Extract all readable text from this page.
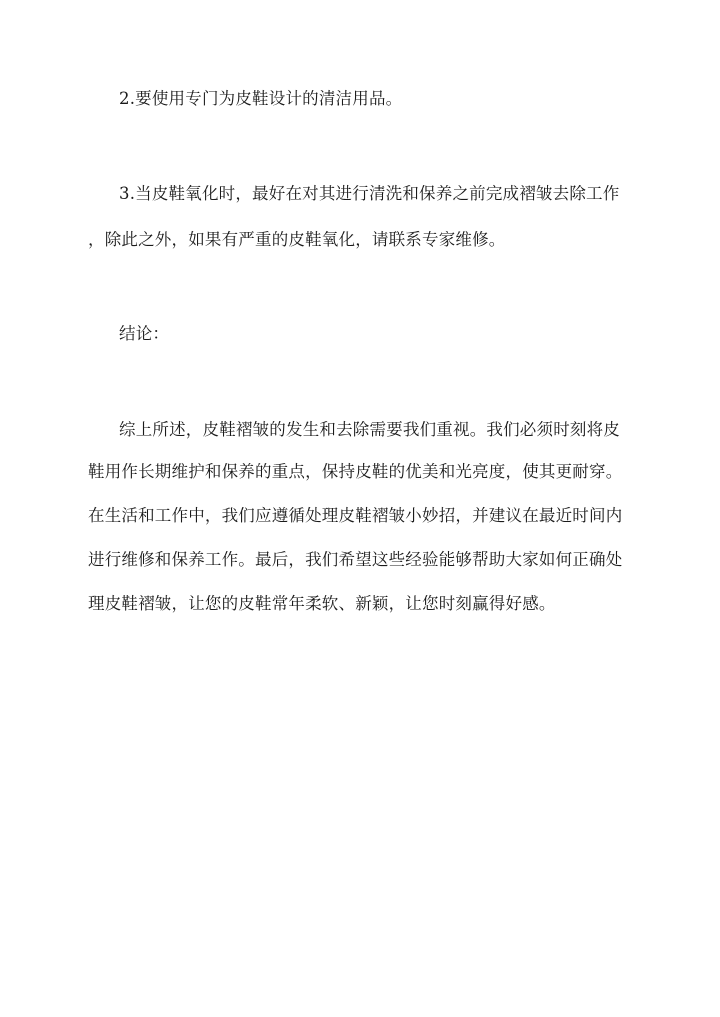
2.要使用专门为皮鞋设计的清洁用品。
3.当皮鞋氧化时，最好在对其进行清洗和保养之前完成褶皱去除工作
，除此之外，如果有严重的皮鞋氧化，请联系专家维修。
结论：
综上所述，皮鞋褶皱的发生和去除需要我们重视。我们必须时刻将皮
鞋用作长期维护和保养的重点，保持皮鞋的优美和光亮度，使其更耐穿。
在生活和工作中，我们应遵循处理皮鞋褶皱小妙招，并建议在最近时间内
进行维修和保养工作。最后，我们希望这些经验能够帮助大家如何正确处
理皮鞋褶皱，让您的皮鞋常年柔软、新颖，让您时刻赢得好感。
